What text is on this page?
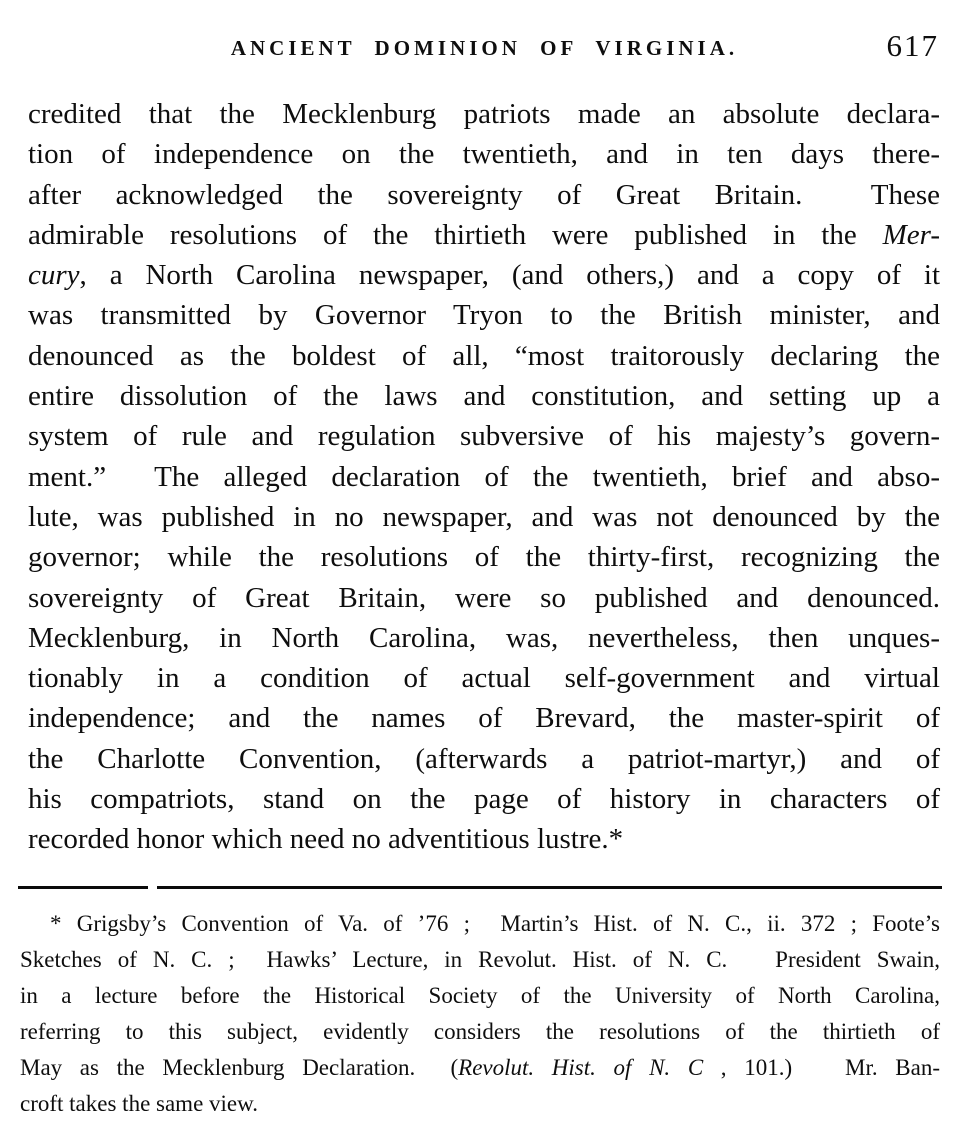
ANCIENT DOMINION OF VIRGINIA.	617
credited that the Mecklenburg patriots made an absolute declara-
tion of independence on the twentieth, and in ten days there-
after acknowledged the sovereignty of Great Britain.  These
admirable resolutions of the thirtieth were published in the Mer-
cury, a North Carolina newspaper, (and others,) and a copy of it
was transmitted by Governor Tryon to the British minister, and
denounced as the boldest of all, “most traitorously declaring the
entire dissolution of the laws and constitution, and setting up a
system of rule and regulation subversive of his majesty’s govern-
ment.”  The alleged declaration of the twentieth, brief and abso-
lute, was published in no newspaper, and was not denounced by the
governor; while the resolutions of the thirty-first, recognizing the
sovereignty of Great Britain, were so published and denounced.
Mecklenburg, in North Carolina, was, nevertheless, then unques-
tionably in a condition of actual self-government and virtual
independence; and the names of Brevard, the master-spirit of
the Charlotte Convention, (afterwards a patriot-martyr,) and of
his compatriots, stand on the page of history in characters of
recorded honor which need no adventitious lustre.*
* Grigsby’s Convention of Va. of ’76 ;  Martin’s Hist. of N. C., ii. 372 ; Foote’s
Sketches of N. C. ;  Hawks’ Lecture, in Revolut. Hist. of N. C.   President Swain,
in a lecture before the Historical Society of the University of North Carolina,
referring to this subject, evidently considers the resolutions of the thirtieth of
May as the Mecklenburg Declaration.  (Revolut. Hist. of N. C , 101.)   Mr. Ban-
croft takes the same view.
